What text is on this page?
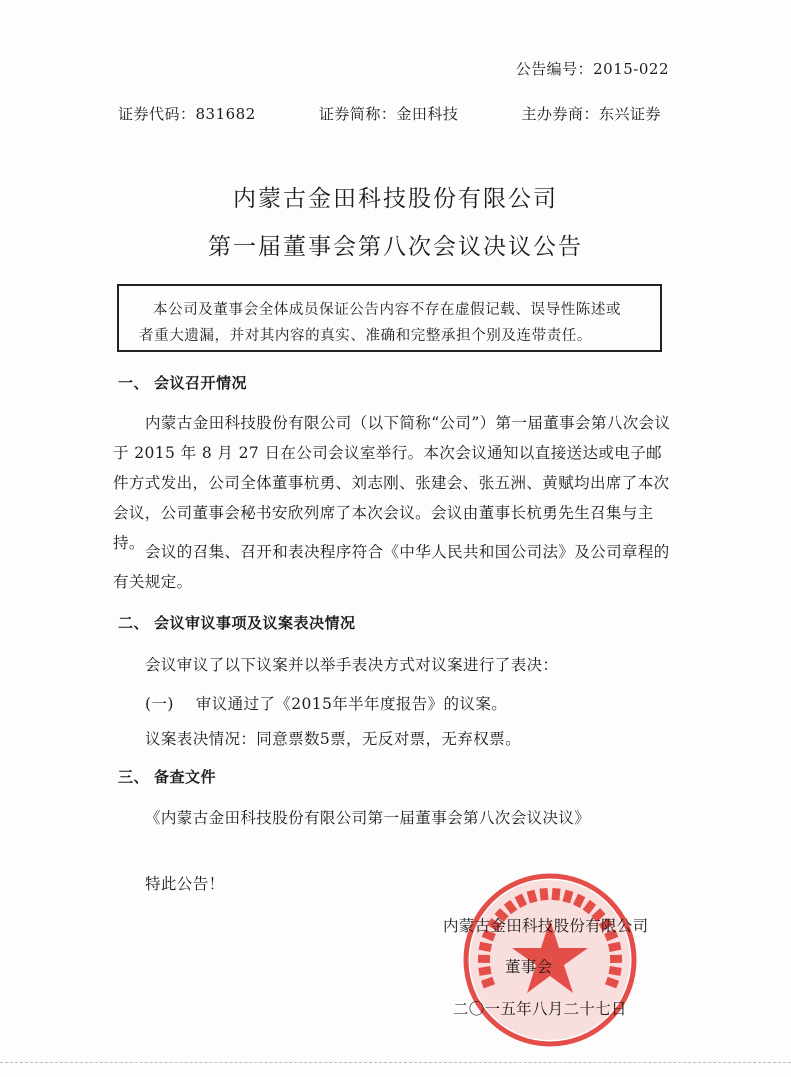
公告编号：2015-022
证券代码：831682	证券简称：金田科技	主办券商：东兴证券
内蒙古金田科技股份有限公司
第一届董事会第八次会议决议公告
本公司及董事会全体成员保证公告内容不存在虚假记载、误导性陈述或
者重大遗漏，并对其内容的真实、准确和完整承担个别及连带责任。
一、 会议召开情况
内蒙古金田科技股份有限公司（以下简称“公司”）第一届董事会第八次会议于 2015 年 8 月 27 日在公司会议室举行。本次会议通知以直接送达或电子邮件方式发出，公司全体董事杭勇、刘志刚、张建会、张五洲、黄赋均出席了本次会议，公司董事会秘书安欣列席了本次会议。会议由董事长杭勇先生召集与主持。 会议的召集、召开和表决程序符合《中华人民共和国公司法》及公司章程的有关规定。
二、 会议审议事项及议案表决情况
会议审议了以下议案并以举手表决方式对议案进行了表决：
(一) 审议通过了《2015年半年度报告》的议案。
议案表决情况：同意票数5票，无反对票，无弃权票。
三、 备查文件
《内蒙古金田科技股份有限公司第一届董事会第八次会议决议》
特此公告！
内蒙古金田科技股份有限公司
董事会
二〇一五年八月二十七日
